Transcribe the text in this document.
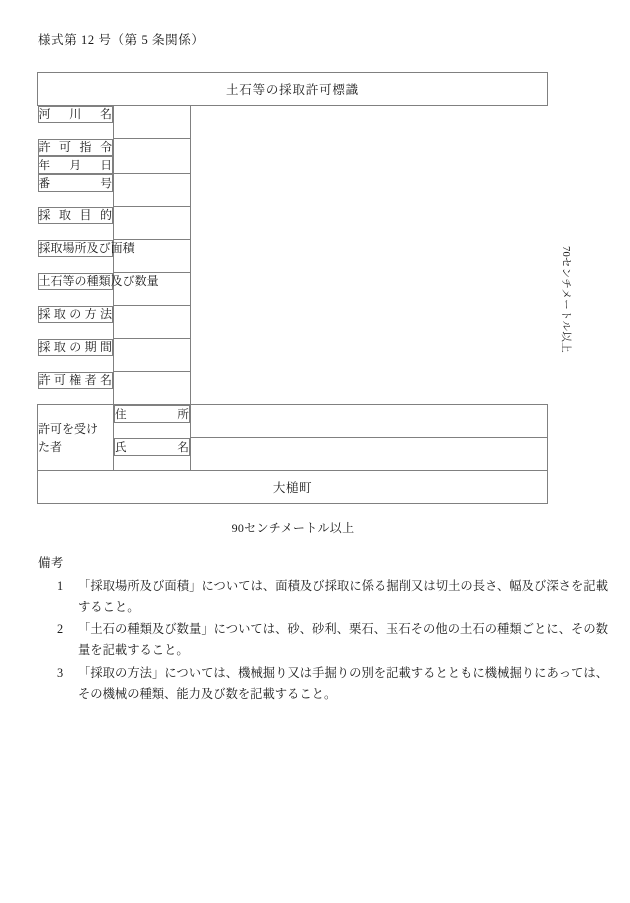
様式第 12 号（第 5 条関係）
土石等の採取許可標識		

河 川 名

許 可 指 令
年 月 日

番	号

採 取 目 的

採 取 場 所 及 び 面 積

土 石 等 の 種 類 及 び 数 量

採 取 の 方 法

採 取 の 期 間

許 可 権 者 名

許可を受け
た者

住	所

氏	名

大槌町		
70センチメートル以上
90センチメートル以上
備考
1	「採取場所及び面積」については、面積及び採取に係る掘削又は切土の長さ、幅及び深さを記載すること。
2	「土石の種類及び数量」については、砂、砂利、栗石、玉石その他の土石の種類ごとに、その数量を記載すること。
3	「採取の方法」については、機械掘り又は手掘りの別を記載するとともに機械掘りにあっては、その機械の種類、能力及び数を記載すること。
